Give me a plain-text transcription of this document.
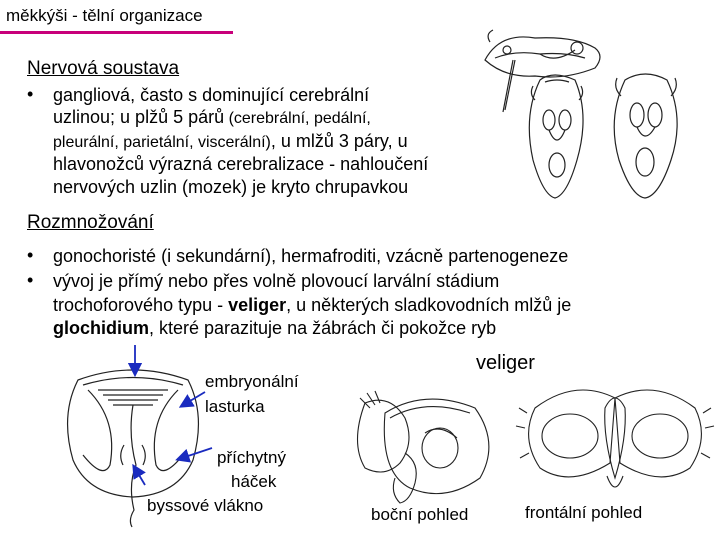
měkkýši - tělní organizace
Nervová soustava
• gangliová, často s dominující cerebrální
uzlinou; u plžů 5 párů (cerebrální, pedální,
pleurální, parietální, viscerální), u mlžů 3 páry, u
hlavonožců výrazná cerebralizace - nahloučení
nervových uzlin (mozek) je kryto chrupavkou
Rozmnožování
• gonochoristé (i sekundární), hermafroditi, vzácně partenogeneze
• vývoj je přímý nebo přes volně plovoucí larvální stádium
trochoforového typu - veliger, u některých sladkovodních mlžů je
glochidium, které parazituje na žábrách či pokožce ryb
embryonální
lasturka
příchytný
háček
byssové vlákno
veliger
boční pohled	frontální pohled
